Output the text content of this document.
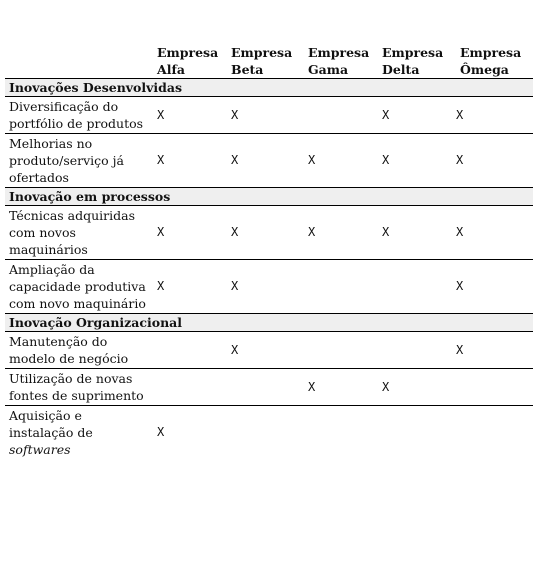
	Empresa Alfa	Empresa Beta	Empresa Gama	Empresa Delta	Empresa Ômega
Inovações Desenvolvidas					
Diversificação do portfólio de produtos	X	X		X	X
Melhorias no produto/serviço já ofertados	X	X	X	X	X
Inovação em processos					
Técnicas adquiridas com novos maquinários	X	X	X	X	X
Ampliação da capacidade produtiva com novo maquinário	X	X			X
Inovação Organizacional					
Manutenção do modelo de negócio		X			X
Utilização de novas fontes de suprimento			X	X	
Aquisição e instalação de softwares	X				
